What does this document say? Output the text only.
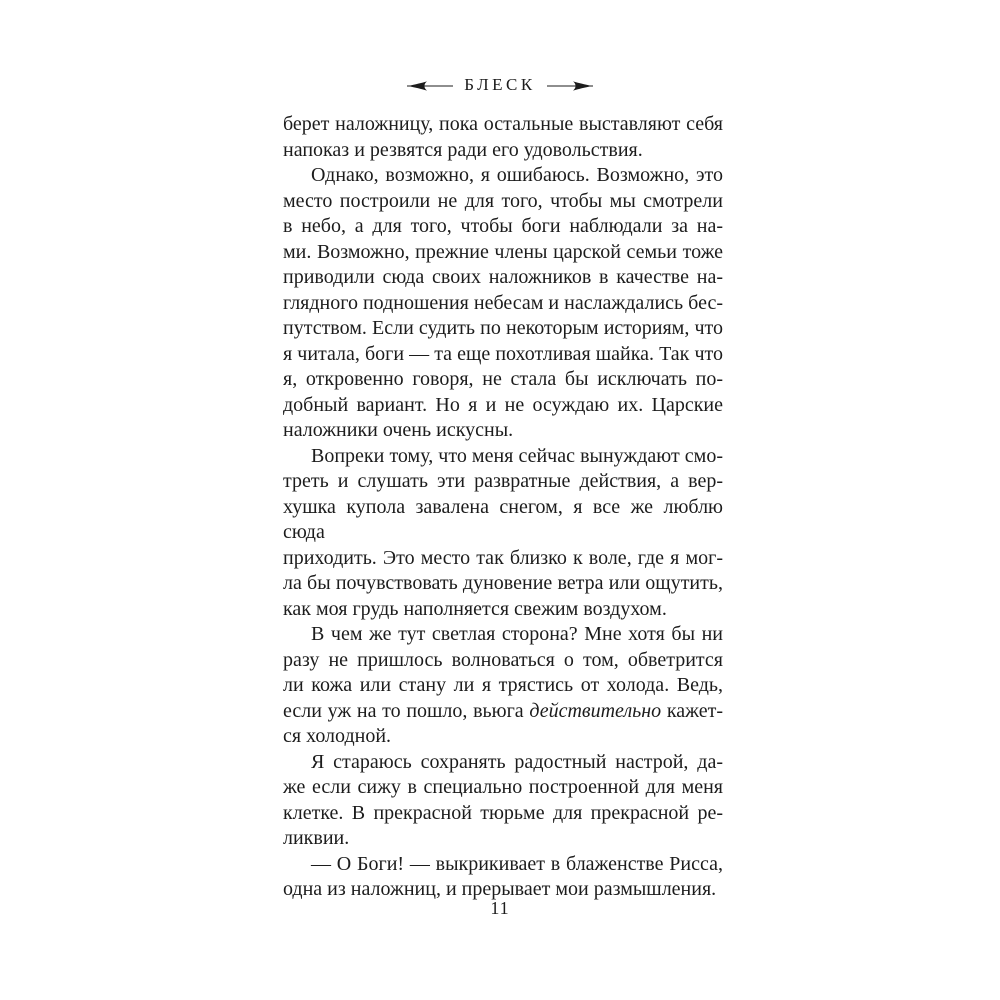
БЛЕСК
берет наложницу, пока остальные выставляют себя
напоказ и резвятся ради его удовольствия.
Однако, возможно, я ошибаюсь. Возможно, это
место построили не для того, чтобы мы смотрели
в небо, а для того, чтобы боги наблюдали за на-
ми. Возможно, прежние члены царской семьи тоже
приводили сюда своих наложников в качестве на-
глядного подношения небесам и наслаждались бес-
путством. Если судить по некоторым историям, что
я читала, боги — та еще похотливая шайка. Так что
я, откровенно говоря, не стала бы исключать по-
добный вариант. Но я и не осуждаю их. Царские
наложники очень искусны.
Вопреки тому, что меня сейчас вынуждают смо-
треть и слушать эти развратные действия, а вер-
хушка купола завалена снегом, я все же люблю сюда
приходить. Это место так близко к воле, где я мог-
ла бы почувствовать дуновение ветра или ощутить,
как моя грудь наполняется свежим воздухом.
В чем же тут светлая сторона? Мне хотя бы ни
разу не пришлось волноваться о том, обветрится
ли кожа или стану ли я трястись от холода. Ведь,
если уж на то пошло, вьюга действительно кажет-
ся холодной.
Я стараюсь сохранять радостный настрой, да-
же если сижу в специально построенной для меня
клетке. В прекрасной тюрьме для прекрасной ре-
ликвии.
— О Боги! — выкрикивает в блаженстве Рисса,
одна из наложниц, и прерывает мои размышления.
11
